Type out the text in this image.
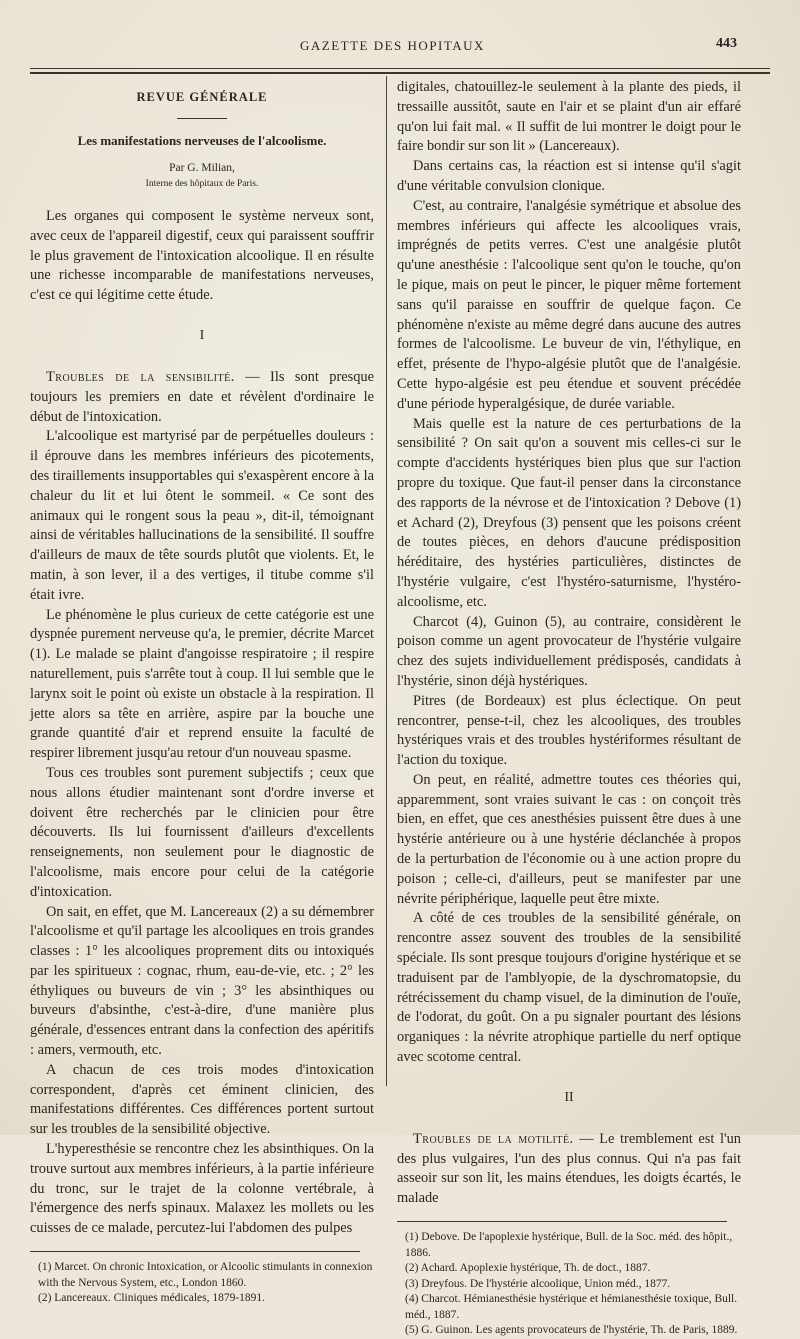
GAZETTE DES HOPITAUX	443
REVUE GÉNÉRALE
Les manifestations nerveuses de l'alcoolisme.
Par G. Milian,
Interne des hôpitaux de Paris.

Les organes qui composent le système nerveux sont, avec ceux de l'appareil digestif, ceux qui paraissent souffrir le plus gravement de l'intoxication alcoolique. Il en résulte une richesse incomparable de manifestations nerveuses, c'est ce qui légitime cette étude.

I

Troubles de la sensibilité. — Ils sont presque toujours les premiers en date et révèlent d'ordinaire le début de l'intoxication.

L'alcoolique est martyrisé par de perpétuelles douleurs : il éprouve dans les membres inférieurs des picotements, des tiraillements insupportables qui s'exaspèrent encore à la chaleur du lit et lui ôtent le sommeil. « Ce sont des animaux qui le rongent sous la peau », dit-il, témoignant ainsi de véritables hallucinations de la sensibilité. Il souffre d'ailleurs de maux de tête sourds plutôt que violents. Et, le matin, à son lever, il a des vertiges, il titube comme s'il était ivre.

Le phénomène le plus curieux de cette catégorie est une dyspnée purement nerveuse qu'a, le premier, décrite Marcet (1). Le malade se plaint d'angoisse respiratoire ; il respire naturellement, puis s'arrête tout à coup. Il lui semble que le larynx soit le point où existe un obstacle à la respiration. Il jette alors sa tête en arrière, aspire par la bouche une grande quantité d'air et reprend ensuite la faculté de respirer librement jusqu'au retour d'un nouveau spasme.

Tous ces troubles sont purement subjectifs ; ceux que nous allons étudier maintenant sont d'ordre inverse et doivent être recherchés par le clinicien pour être découverts. Ils lui fournissent d'ailleurs d'excellents renseignements, non seulement pour le diagnostic de l'alcoolisme, mais encore pour celui de la catégorie d'intoxication.

On sait, en effet, que M. Lancereaux (2) a su démembrer l'alcoolisme et qu'il partage les alcooliques en trois grandes classes : 1° les alcooliques proprement dits ou intoxiqués par les spiritueux : cognac, rhum, eau-de-vie, etc. ; 2° les éthyliques ou buveurs de vin ; 3° les absinthiques ou buveurs d'absinthe, c'est-à-dire, d'une manière plus générale, d'essences entrant dans la confection des apéritifs : amers, vermouth, etc.

A chacun de ces trois modes d'intoxication correspondent, d'après cet éminent clinicien, des manifestations différentes. Ces différences portent surtout sur les troubles de la sensibilité objective.

L'hyperesthésie se rencontre chez les absinthiques. On la trouve surtout aux membres inférieurs, à la partie inférieure du tronc, sur le trajet de la colonne vertébrale, à l'émergence des nerfs spinaux. Malaxez les mollets ou les cuisses de ce malade, percutez-lui l'abdomen des pulpes

(1) Marcet. On chronic Intoxication, or Alcoolic stimulants in connexion with the Nervous System, etc., London 1860.
(2) Lancereaux. Cliniques médicales, 1879-1891.

digitales, chatouillez-le seulement à la plante des pieds, il tressaille aussitôt, saute en l'air et se plaint d'un air effaré qu'on lui fait mal. « Il suffit de lui montrer le doigt pour le faire bondir sur son lit » (Lancereaux).

Dans certains cas, la réaction est si intense qu'il s'agit d'une véritable convulsion clonique.

C'est, au contraire, l'analgésie symétrique et absolue des membres inférieurs qui affecte les alcooliques vrais, imprégnés de petits verres. C'est une analgésie plutôt qu'une anesthésie : l'alcoolique sent qu'on le touche, qu'on le pique, mais on peut le pincer, le piquer même fortement sans qu'il paraisse en souffrir de quelque façon. Ce phénomène n'existe au même degré dans aucune des autres formes de l'alcoolisme. Le buveur de vin, l'éthylique, en effet, présente de l'hypo-algésie plutôt que de l'analgésie. Cette hypo-algésie est peu étendue et souvent précédée d'une période hyperalgésique, de durée variable.

Mais quelle est la nature de ces perturbations de la sensibilité ? On sait qu'on a souvent mis celles-ci sur le compte d'accidents hystériques bien plus que sur l'action propre du toxique. Que faut-il penser dans la circonstance des rapports de la névrose et de l'intoxication ? Debove (1) et Achard (2), Dreyfous (3) pensent que les poisons créent de toutes pièces, en dehors d'aucune prédisposition héréditaire, des hystéries particulières, distinctes de l'hystérie vulgaire, c'est l'hystéro-saturnisme, l'hystéro-alcoolisme, etc.

Charcot (4), Guinon (5), au contraire, considèrent le poison comme un agent provocateur de l'hystérie vulgaire chez des sujets individuellement prédisposés, candidats à l'hystérie, sinon déjà hystériques.

Pitres (de Bordeaux) est plus éclectique. On peut rencontrer, pense-t-il, chez les alcooliques, des troubles hystériques vrais et des troubles hystériformes résultant de l'action du toxique.

On peut, en réalité, admettre toutes ces théories qui, apparemment, sont vraies suivant le cas : on conçoit très bien, en effet, que ces anesthésies puissent être dues à une hystérie antérieure ou à une hystérie déclanchée à propos de la perturbation de l'économie ou à une action propre du poison ; celle-ci, d'ailleurs, peut se manifester par une névrite périphérique, laquelle peut être mixte.

A côté de ces troubles de la sensibilité générale, on rencontre assez souvent des troubles de la sensibilité spéciale. Ils sont presque toujours d'origine hystérique et se traduisent par de l'amblyopie, de la dyschromatopsie, du rétrécissement du champ visuel, de la diminution de l'ouïe, de l'odorat, du goût. On a pu signaler pourtant des lésions organiques : la névrite atrophique partielle du nerf optique avec scotome central.

II

Troubles de la motilité. — Le tremblement est l'un des plus vulgaires, l'un des plus connus. Qui n'a pas fait asseoir sur son lit, les mains étendues, les doigts écartés, le malade

(1) Debove. De l'apoplexie hystérique, Bull. de la Soc. méd. des hôpit., 1886.
(2) Achard. Apoplexie hystérique, Th. de doct., 1887.
(3) Dreyfous. De l'hystérie alcoolique, Union méd., 1877.
(4) Charcot. Hémianesthésie hystérique et hémianesthésie toxique, Bull. méd., 1887.
(5) G. Guinon. Les agents provocateurs de l'hystérie, Th. de Paris, 1889.
